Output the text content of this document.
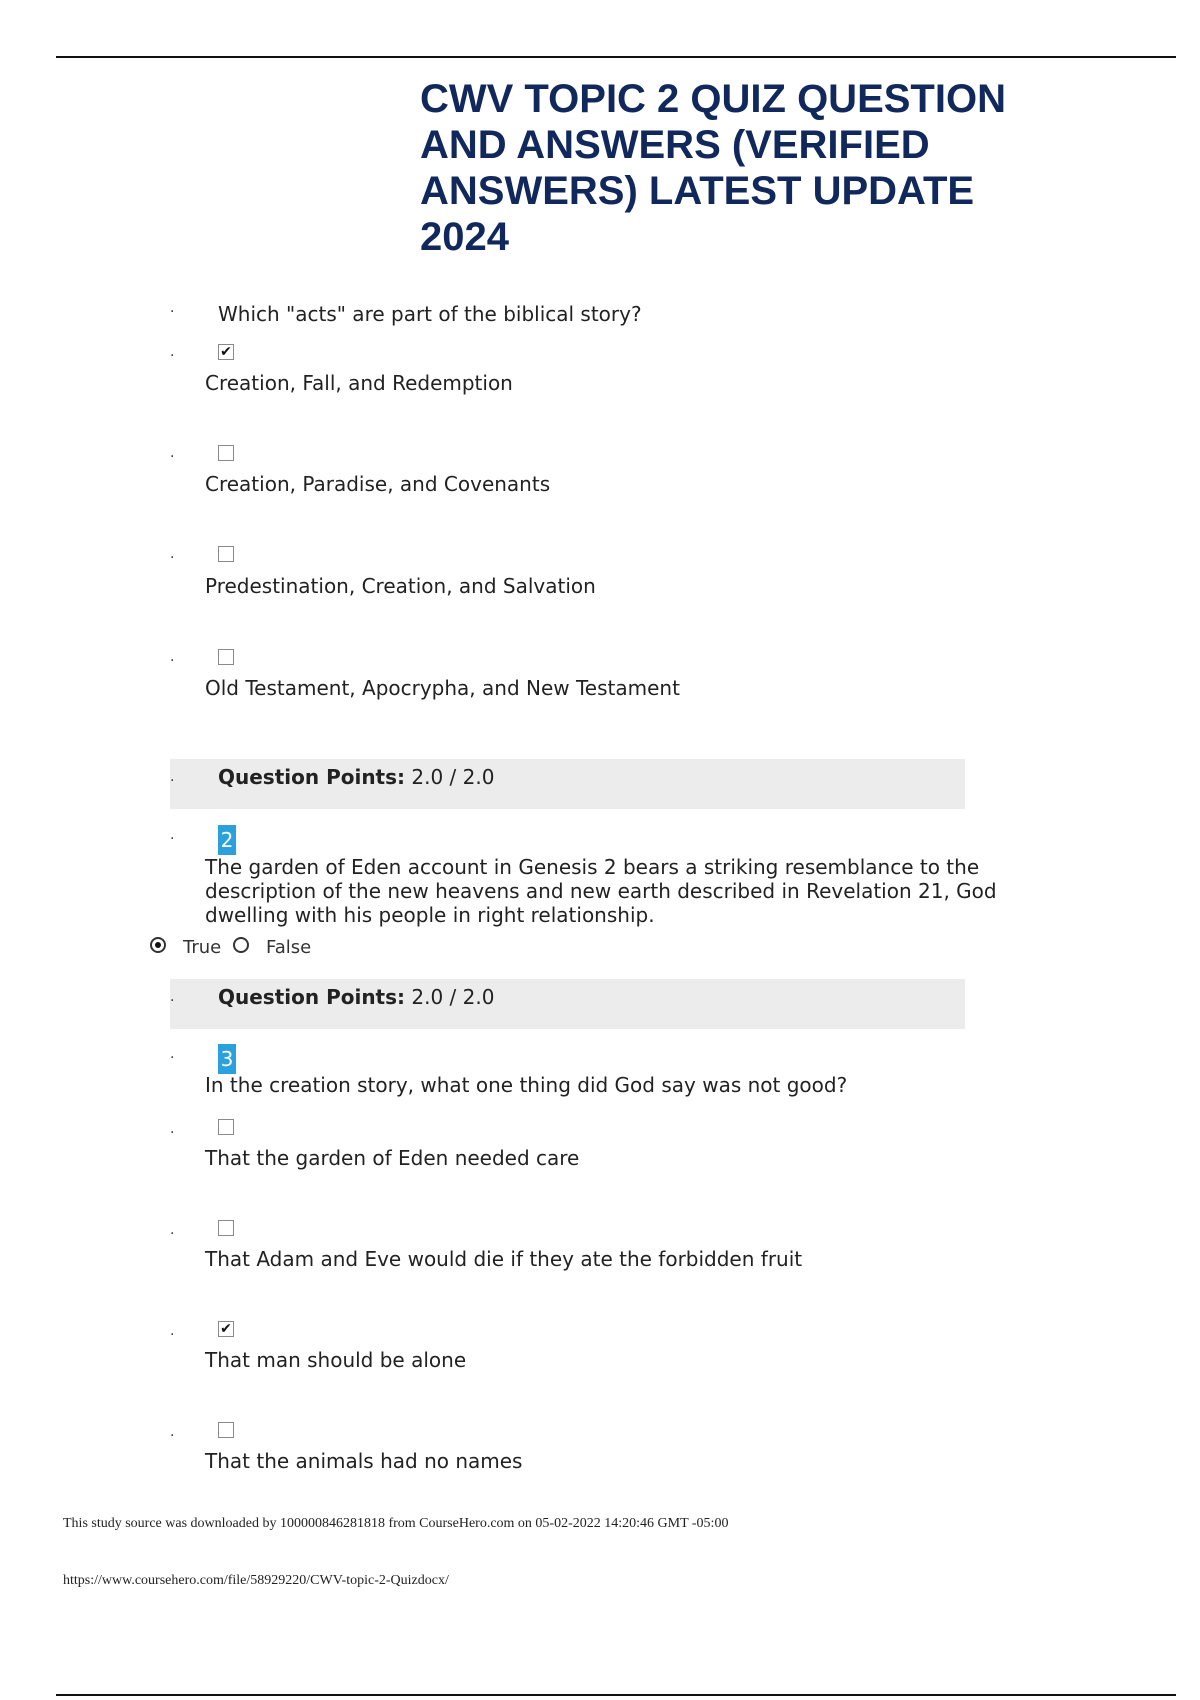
CWV TOPIC 2 QUIZ QUESTION AND ANSWERS (VERIFIED ANSWERS) LATEST UPDATE 2024
· Which "acts" are part of the biblical story?
·	✔
Creation, Fall, and Redemption
·
Creation, Paradise, and Covenants
·
Predestination, Creation, and Salvation
·
Old Testament, Apocrypha, and New Testament
· Question Points: 2.0 / 2.0
· 2
The garden of Eden account in Genesis 2 bears a striking resemblance to the description of the new heavens and new earth described in Revelation 21, God dwelling with his people in right relationship.
True False
· Question Points: 2.0 / 2.0
· 3
In the creation story, what one thing did God say was not good?
·
That the garden of Eden needed care
·
That Adam and Eve would die if they ate the forbidden fruit
·	✔
That man should be alone
·
That the animals had no names
This study source was downloaded by 100000846281818 from CourseHero.com on 05-02-2022 14:20:46 GMT -05:00
https://www.coursehero.com/file/58929220/CWV-topic-2-Quizdocx/
